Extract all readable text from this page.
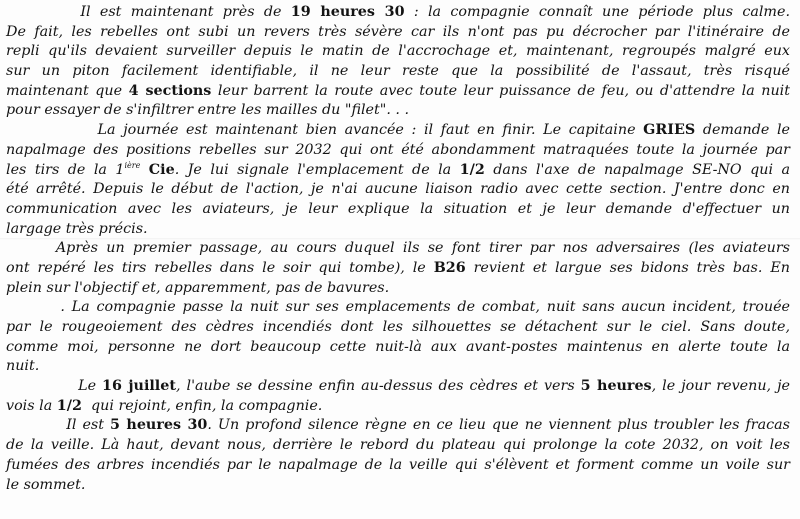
Il est maintenant près de 19 heures 30 : la compagnie connaît une période plus calme.
De fait, les rebelles ont subi un revers très sévère car ils n'ont pas pu décrocher par l'itinéraire de
repli qu'ils devaient surveiller depuis le matin de l'accrochage et, maintenant, regroupés malgré eux
sur un piton facilement identifiable, il ne leur reste que la possibilité de l'assaut, très risqué
maintenant que 4 sections leur barrent la route avec toute leur puissance de feu, ou d'attendre la nuit
pour essayer de s'infiltrer entre les mailles du "filet". . .
La journée est maintenant bien avancée : il faut en finir. Le capitaine GRIES demande le
napalmage des positions rebelles sur 2032 qui ont été abondamment matraquées toute la journée par
les tirs de la $1^{ière}$ Cie. Je lui signale l'emplacement de la 1/2 dans l'axe de napalmage SE-NO qui a
été arrêté. Depuis le début de l'action, je n'ai aucune liaison radio avec cette section. J'entre donc en
communication avec les aviateurs, je leur explique la situation et je leur demande d'effectuer un
largage très précis.
Après un premier passage, au cours duquel ils se font tirer par nos adversaires (les aviateurs
ont repéré les tirs rebelles dans le soir qui tombe), le B26 revient et largue ses bidons très bas. En
plein sur l'objectif et, apparemment, pas de bavures.
. La compagnie passe la nuit sur ses emplacements de combat, nuit sans aucun incident, trouée
par le rougeoiement des cèdres incendiés dont les silhouettes se détachent sur le ciel. Sans doute,
comme moi, personne ne dort beaucoup cette nuit-là aux avant-postes maintenus en alerte toute la
nuit.
Le 16 juillet, l'aube se dessine enfin au-dessus des cèdres et vers 5 heures, le jour revenu, je
vois la 1/2  qui rejoint, enfin, la compagnie.
Il est 5 heures 30. Un profond silence règne en ce lieu que ne viennent plus troubler les fracas
de la veille. Là haut, devant nous, derrière le rebord du plateau qui prolonge la cote 2032, on voit les
fumées des arbres incendiés par le napalmage de la veille qui s'élèvent et forment comme un voile sur
le sommet.
